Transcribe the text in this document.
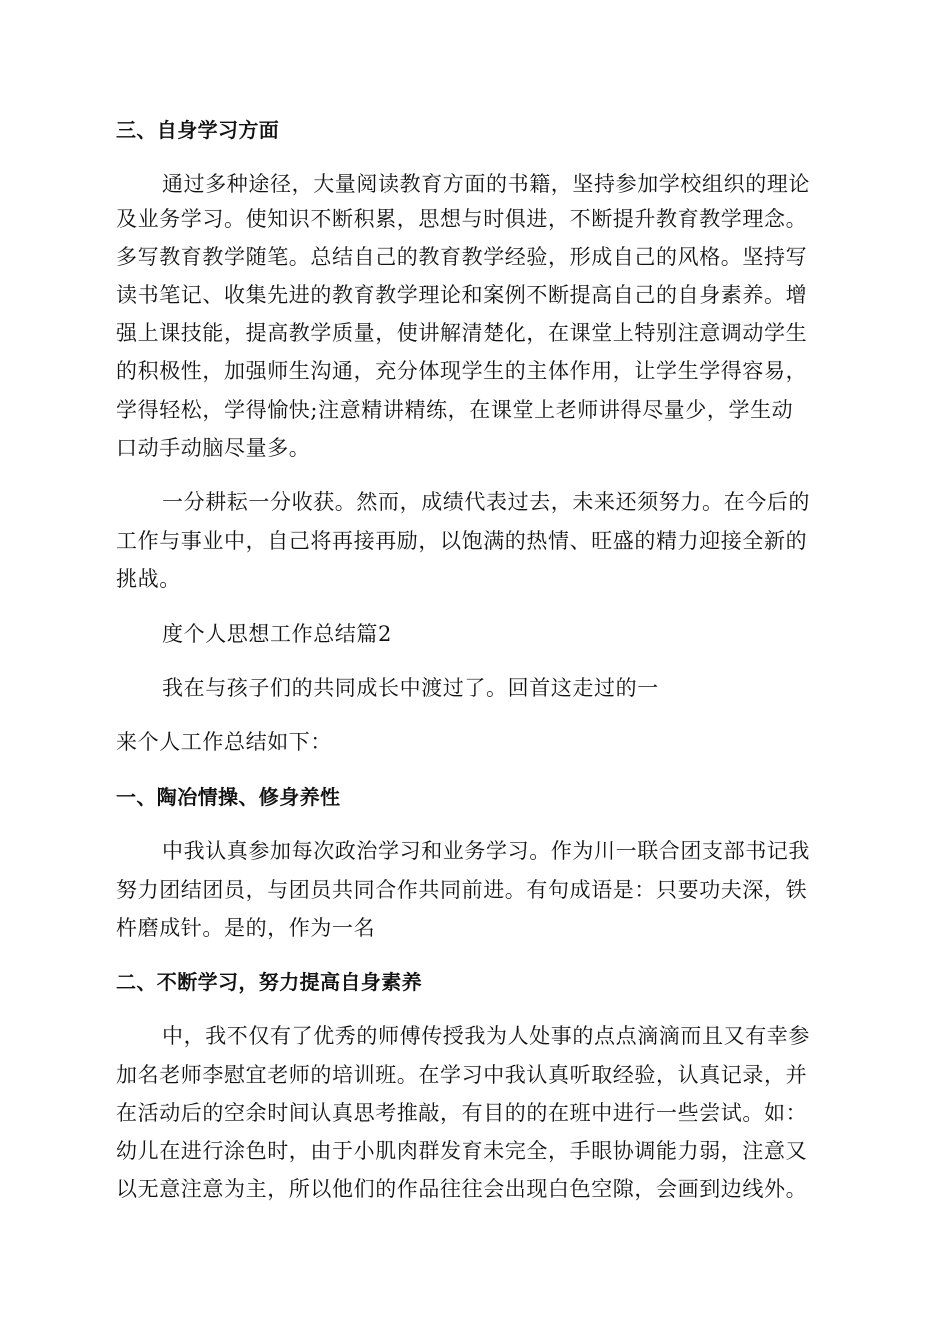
三、自身学习方面
通过多种途径，大量阅读教育方面的书籍，坚持参加学校组织的理论
及业务学习。使知识不断积累，思想与时俱进，不断提升教育教学理念。
多写教育教学随笔。总结自己的教育教学经验，形成自己的风格。坚持写
读书笔记、收集先进的教育教学理论和案例不断提高自己的自身素养。增
强上课技能，提高教学质量，使讲解清楚化，在课堂上特别注意调动学生
的积极性，加强师生沟通，充分体现学生的主体作用，让学生学得容易，
学得轻松，学得愉快;注意精讲精练，在课堂上老师讲得尽量少，学生动
口动手动脑尽量多。
一分耕耘一分收获。然而，成绩代表过去，未来还须努力。在今后的
工作与事业中，自己将再接再励，以饱满的热情、旺盛的精力迎接全新的
挑战。
度个人思想工作总结篇2
我在与孩子们的共同成长中渡过了。回首这走过的一
来个人工作总结如下：
一、陶冶情操、修身养性
中我认真参加每次政治学习和业务学习。作为川一联合团支部书记我
努力团结团员，与团员共同合作共同前进。有句成语是：只要功夫深，铁
杵磨成针。是的，作为一名
二、不断学习，努力提高自身素养
中，我不仅有了优秀的师傅传授我为人处事的点点滴滴而且又有幸参
加名老师李慰宜老师的培训班。在学习中我认真听取经验，认真记录，并
在活动后的空余时间认真思考推敲，有目的的在班中进行一些尝试。如：
幼儿在进行涂色时，由于小肌肉群发育未完全，手眼协调能力弱，注意又
以无意注意为主，所以他们的作品往往会出现白色空隙，会画到边线外。
